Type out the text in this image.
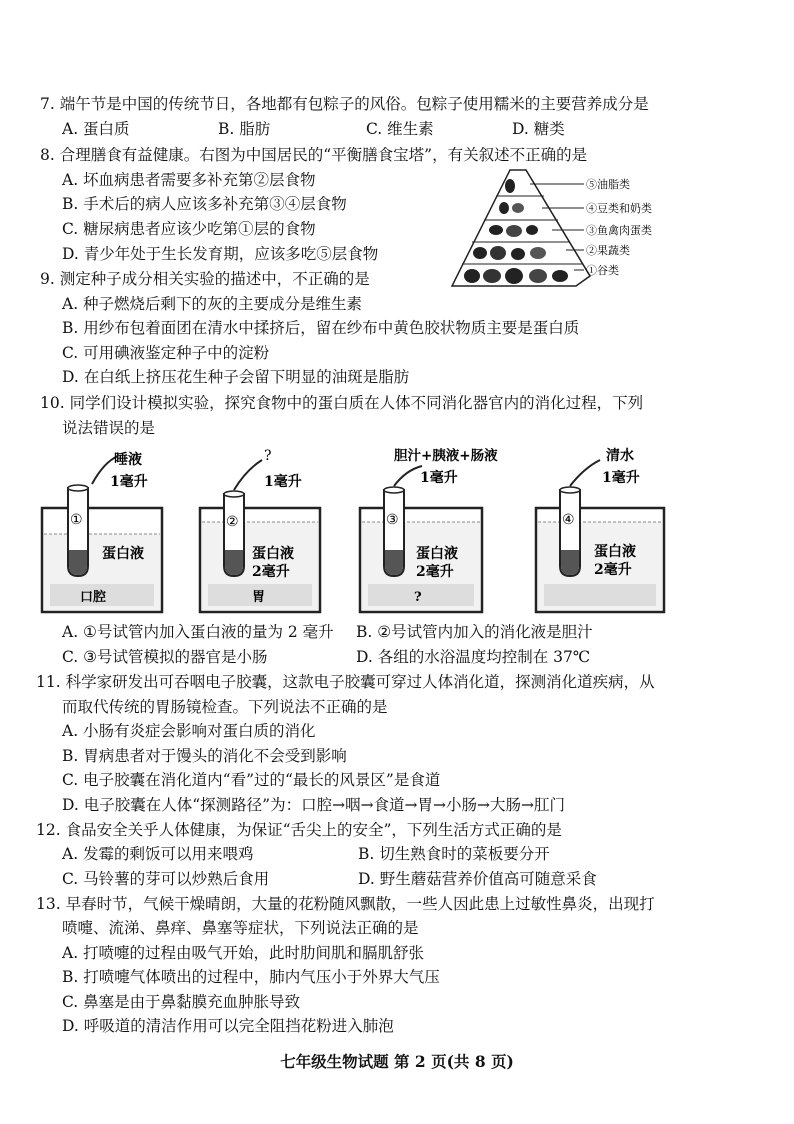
7. 端午节是中国的传统节日，各地都有包粽子的风俗。包粽子使用糯米的主要营养成分是
A. 蛋白质	B. 脂肪	C. 维生素	D. 糖类
8. 合理膳食有益健康。右图为中国居民的“平衡膳食宝塔”，有关叙述不正确的是
A. 坏血病患者需要多补充第②层食物
B. 手术后的病人应该多补充第③④层食物
C. 糖尿病患者应该少吃第①层的食物
D. 青少年处于生长发育期，应该多吃⑤层食物
⑤油脂类
④豆类和奶类
③鱼禽肉蛋类
②果蔬类
①谷类
9. 测定种子成分相关实验的描述中，不正确的是
A. 种子燃烧后剩下的灰的主要成分是维生素
B. 用纱布包着面团在清水中揉挤后，留在纱布中黄色胶状物质主要是蛋白质
C. 可用碘液鉴定种子中的淀粉
D. 在白纸上挤压花生种子会留下明显的油斑是脂肪
10. 同学们设计模拟实验，探究食物中的蛋白质在人体不同消化器官内的消化过程，下列
说法错误的是
唾液
1毫升
口腔
①
蛋白液
?
1毫升
胃
②
蛋白液
2毫升
胆汁+胰液+肠液
1毫升
?
③
蛋白液
2毫升
清水
1毫升
④
蛋白液
2毫升
A. ①号试管内加入蛋白液的量为 2 毫升 B. ②号试管内加入的消化液是胆汁
C. ③号试管模拟的器官是小肠	D. 各组的水浴温度均控制在 37℃
11. 科学家研发出可吞咽电子胶囊，这款电子胶囊可穿过人体消化道，探测消化道疾病，从
而取代传统的胃肠镜检查。下列说法不正确的是
A. 小肠有炎症会影响对蛋白质的消化
B. 胃病患者对于馒头的消化不会受到影响
C. 电子胶囊在消化道内“看”过的“最长的风景区”是食道
D. 电子胶囊在人体“探测路径”为：口腔→咽→食道→胃→小肠→大肠→肛门
12. 食品安全关乎人体健康，为保证“舌尖上的安全”，下列生活方式正确的是
A. 发霉的剩饭可以用来喂鸡	B. 切生熟食时的菜板要分开
C. 马铃薯的芽可以炒熟后食用	D. 野生蘑菇营养价值高可随意采食
13. 早春时节，气候干燥晴朗，大量的花粉随风飘散，一些人因此患上过敏性鼻炎，出现打
喷嚏、流涕、鼻痒、鼻塞等症状，下列说法正确的是
A. 打喷嚏的过程由吸气开始，此时肋间肌和膈肌舒张
B. 打喷嚏气体喷出的过程中，肺内气压小于外界大气压
C. 鼻塞是由于鼻黏膜充血肿胀导致
D. 呼吸道的清洁作用可以完全阻挡花粉进入肺泡
七年级生物试题 第 2 页(共 8 页)
